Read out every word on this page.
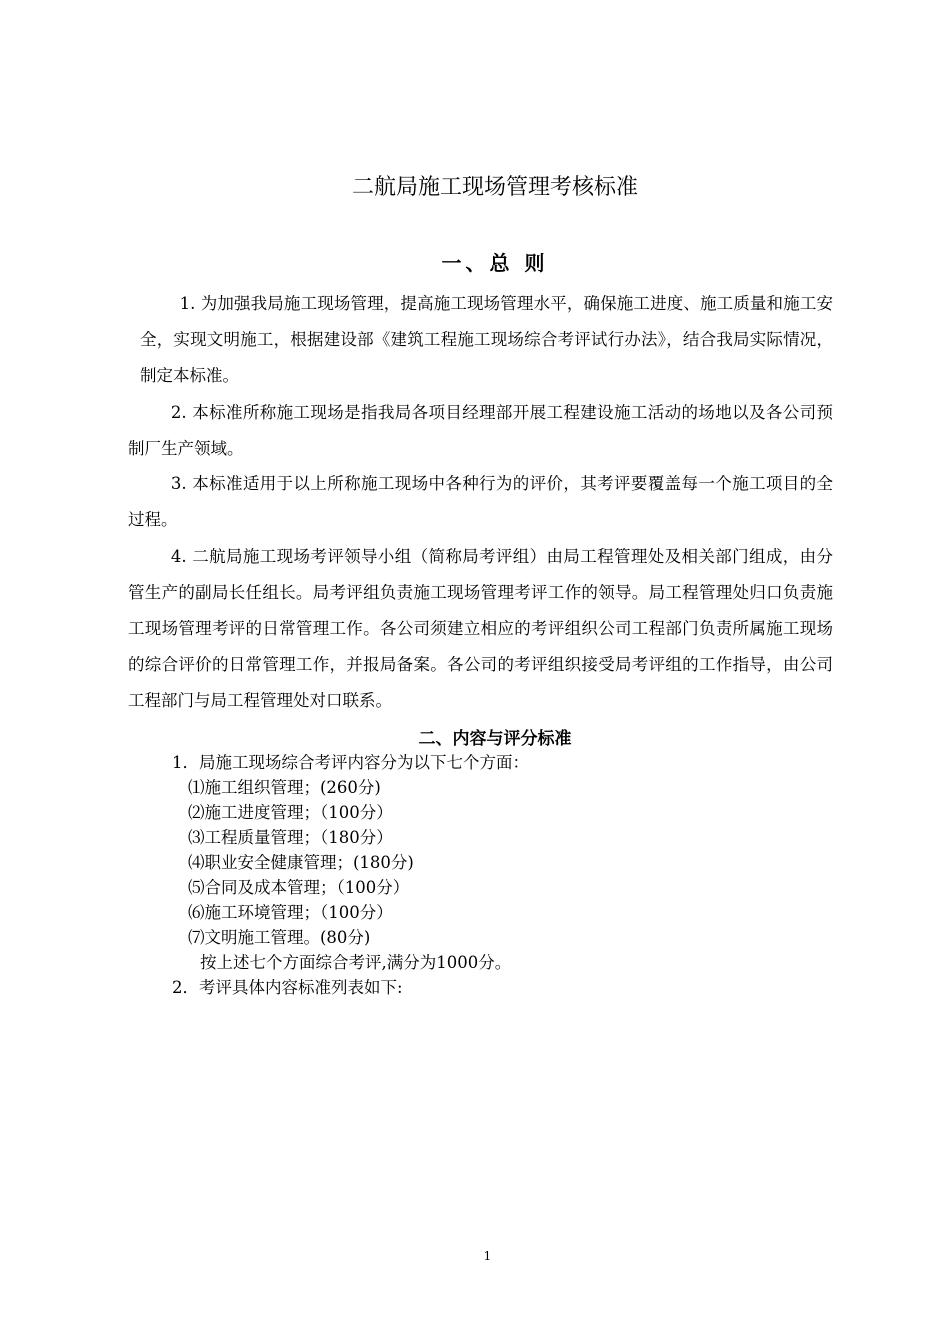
二航局施工现场管理考核标准
一、总 则

1. 为加强我局施工现场管理，提高施工现场管理水平，确保施工进度、施工质量和施工安全，实现文明施工，根据建设部《建筑工程施工现场综合考评试行办法》，结合我局实际情况，制定本标准。

2. 本标准所称施工现场是指我局各项目经理部开展工程建设施工活动的场地以及各公司预制厂生产领域。

3. 本标准适用于以上所称施工现场中各种行为的评价，其考评要覆盖每一个施工项目的全过程。

4. 二航局施工现场考评领导小组（简称局考评组）由局工程管理处及相关部门组成，由分管生产的副局长任组长。局考评组负责施工现场管理考评工作的领导。局工程管理处归口负责施工现场管理考评的日常管理工作。各公司须建立相应的考评组织公司工程部门负责所属施工现场的综合评价的日常管理工作，并报局备案。各公司的考评组织接受局考评组的工作指导，由公司工程部门与局工程管理处对口联系。

二、内容与评分标准
1．局施工现场综合考评内容分为以下七个方面：
⑴施工组织管理；(260分)
⑵施工进度管理；（100分）
⑶工程质量管理；（180分）
⑷职业安全健康管理；(180分)
⑸合同及成本管理；（100分）
⑹施工环境管理；（100分）
⑺文明施工管理。(80分)
按上述七个方面综合考评,满分为1000分。
2．考评具体内容标准列表如下:
1
